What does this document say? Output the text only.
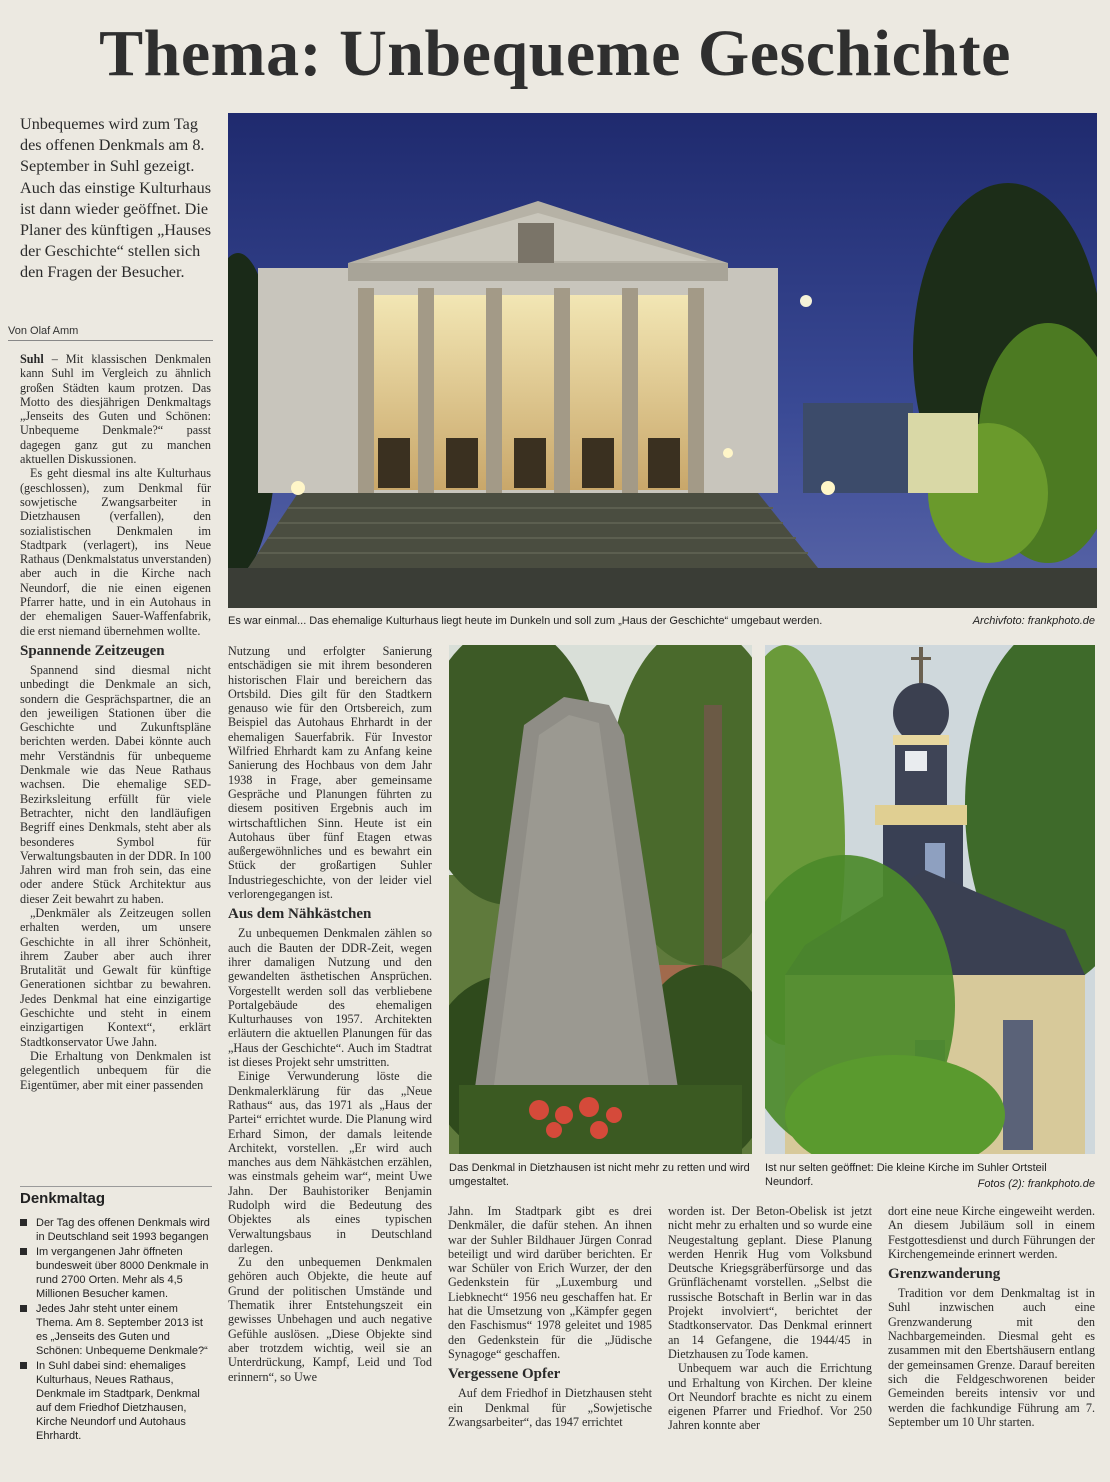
Thema: Unbequeme Geschichte
Unbequemes wird zum Tag des offenen Denkmals am 8. September in Suhl gezeigt. Auch das einstige Kulturhaus ist dann wieder geöffnet. Die Planer des künftigen „Hauses der Geschichte“ stellen sich den Fragen der Besucher.
Von Olaf Amm
Es war einmal... Das ehemalige Kulturhaus liegt heute im Dunkeln und soll zum „Haus der Geschichte“ umgebaut werden.	Archivfoto: frankphoto.de

Suhl – Mit klassischen Denkmalen kann Suhl im Vergleich zu ähnlich großen Städten kaum protzen. Das Motto des diesjährigen Denkmaltags „Jenseits des Guten und Schönen: Unbequeme Denkmale?“ passt dagegen ganz gut zu manchen aktuellen Diskussionen.

Es geht diesmal ins alte Kulturhaus (geschlossen), zum Denkmal für sowjetische Zwangsarbeiter in Dietzhausen (verfallen), den sozialistischen Denkmalen im Stadtpark (verlagert), ins Neue Rathaus (Denkmalstatus unverstanden) aber auch in die Kirche nach Neundorf, die nie einen eigenen Pfarrer hatte, und in ein Autohaus in der ehemaligen Sauer-Waffenfabrik, die erst niemand übernehmen wollte.

Spannende Zeitzeugen

Spannend sind diesmal nicht unbedingt die Denkmale an sich, sondern die Gesprächspartner, die an den jeweiligen Stationen über die Geschichte und Zukunftspläne berichten werden. Dabei könnte auch mehr Verständnis für unbequeme Denkmale wie das Neue Rathaus wachsen. Die ehemalige SED-Bezirksleitung erfüllt für viele Betrachter, nicht den landläufigen Begriff eines Denkmals, steht aber als besonderes Symbol für Verwaltungsbauten in der DDR. In 100 Jahren wird man froh sein, das eine oder andere Stück Architektur aus dieser Zeit bewahrt zu haben.

„Denkmäler als Zeitzeugen sollen erhalten werden, um unsere Geschichte in all ihrer Schönheit, ihrem Zauber aber auch ihrer Brutalität und Gewalt für künftige Generationen sichtbar zu bewahren. Jedes Denkmal hat eine einzigartige Geschichte und steht in einem einzigartigen Kontext“, erklärt Stadtkonservator Uwe Jahn.

Die Erhaltung von Denkmalen ist gelegentlich unbequem für die Eigentümer, aber mit einer passenden

Nutzung und erfolgter Sanierung entschädigen sie mit ihrem besonderen historischen Flair und bereichern das Ortsbild. Dies gilt für den Stadtkern genauso wie für den Ortsbereich, zum Beispiel das Autohaus Ehrhardt in der ehemaligen Sauerfabrik. Für Investor Wilfried Ehrhardt kam zu Anfang keine Sanierung des Hochbaus von dem Jahr 1938 in Frage, aber gemeinsame Gespräche und Planungen führten zu diesem positiven Ergebnis auch im wirtschaftlichen Sinn. Heute ist ein Autohaus über fünf Etagen etwas außergewöhnliches und es bewahrt ein Stück der großartigen Suhler Industriegeschichte, von der leider viel verlorengegangen ist.

Aus dem Nähkästchen

Zu unbequemen Denkmalen zählen so auch die Bauten der DDR-Zeit, wegen ihrer damaligen Nutzung und den gewandelten ästhetischen Ansprüchen. Vorgestellt werden soll das verbliebene Portalgebäude des ehemaligen Kulturhauses von 1957. Architekten erläutern die aktuellen Planungen für das „Haus der Geschichte“. Auch im Stadtrat ist dieses Projekt sehr umstritten.

Einige Verwunderung löste die Denkmalerklärung für das „Neue Rathaus“ aus, das 1971 als „Haus der Partei“ errichtet wurde. Die Planung wird Erhard Simon, der damals leitende Architekt, vorstellen. „Er wird auch manches aus dem Nähkästchen erzählen, was einstmals geheim war“, meint Uwe Jahn. Der Bauhistoriker Benjamin Rudolph wird die Bedeutung des Objektes als eines typischen Verwaltungsbaus in Deutschland darlegen.

Zu den unbequemen Denkmalen gehören auch Objekte, die heute auf Grund der politischen Umstände und Thematik ihrer Entstehungszeit ein gewisses Unbehagen und auch negative Gefühle auslösen. „Diese Objekte sind aber trotzdem wichtig, weil sie an Unterdrückung, Kampf, Leid und Tod erinnern“, so Uwe

Das Denkmal in Dietzhausen ist nicht mehr zu retten und wird umgestaltet.
Ist nur selten geöffnet: Die kleine Kirche im Suhler Ortsteil Neundorf.	Fotos (2): frankphoto.de

Jahn. Im Stadtpark gibt es drei Denkmäler, die dafür stehen. An ihnen war der Suhler Bildhauer Jürgen Conrad beteiligt und wird darüber berichten. Er war Schüler von Erich Wurzer, der den Gedenkstein für „Luxemburg und Liebknecht“ 1956 neu geschaffen hat. Er hat die Umsetzung von „Kämpfer gegen den Faschismus“ 1978 geleitet und 1985 den Gedenkstein für die „Jüdische Synagoge“ geschaffen.

Vergessene Opfer

Auf dem Friedhof in Dietzhausen steht ein Denkmal für „Sowjetische Zwangsarbeiter“, das 1947 errichtet

worden ist. Der Beton-Obelisk ist jetzt nicht mehr zu erhalten und so wurde eine Neugestaltung geplant. Diese Planung werden Henrik Hug vom Volksbund Deutsche Kriegsgräberfürsorge und das Grünflächenamt vorstellen. „Selbst die russische Botschaft in Berlin war in das Projekt involviert“, berichtet der Stadtkonservator. Das Denkmal erinnert an 14 Gefangene, die 1944/45 in Dietzhausen zu Tode kamen.

Unbequem war auch die Errichtung und Erhaltung von Kirchen. Der kleine Ort Neundorf brachte es nicht zu einem eigenen Pfarrer und Friedhof. Vor 250 Jahren konnte aber

dort eine neue Kirche eingeweiht werden. An diesem Jubiläum soll in einem Festgottesdienst und durch Führungen der Kirchengemeinde erinnert werden.

Grenzwanderung

Tradition vor dem Denkmaltag ist in Suhl inzwischen auch eine Grenzwanderung mit den Nachbargemeinden. Diesmal geht es zusammen mit den Ebertshäusern entlang der gemeinsamen Grenze. Darauf bereiten sich die Feldgeschworenen beider Gemeinden bereits intensiv vor und werden die fachkundige Führung am 7. September um 10 Uhr starten.

Denkmaltag
Der Tag des offenen Denkmals wird in Deutschland seit 1993 begangen
Im vergangenen Jahr öffneten bundesweit über 8000 Denkmale in rund 2700 Orten. Mehr als 4,5 Millionen Besucher kamen.
Jedes Jahr steht unter einem Thema. Am 8. September 2013 ist es „Jenseits des Guten und Schönen: Unbequeme Denkmale?“
In Suhl dabei sind: ehemaliges Kulturhaus, Neues Rathaus, Denkmale im Stadtpark, Denkmal auf dem Friedhof Dietzhausen, Kirche Neundorf und Autohaus Ehrhardt.
